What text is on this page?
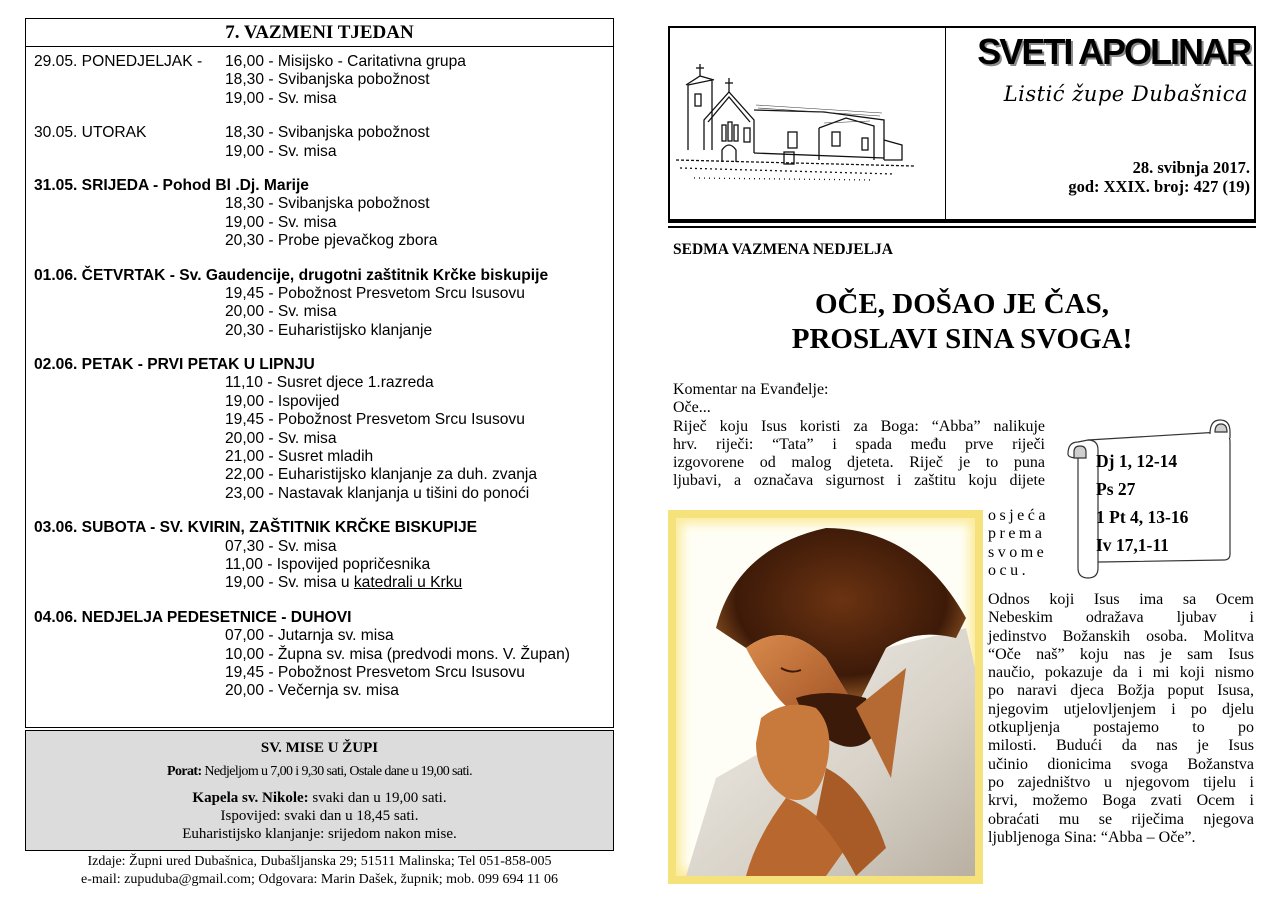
7. VAZMENI TJEDAN
29.05. PONEDJELJAK - 16,00 - Misijsko - Caritativna grupa
18,30 - Svibanjska pobožnost
19,00 - Sv. misa
30.05. UTORAK	18,30 - Svibanjska pobožnost
19,00 - Sv. misa
31.05. SRIJEDA - Pohod Bl .Dj. Marije
18,30 - Svibanjska pobožnost
19,00 - Sv. misa
20,30 - Probe pjevačkog zbora
01.06. ČETVRTAK - Sv. Gaudencije, drugotni zaštitnik Krčke biskupije
19,45 - Pobožnost Presvetom Srcu Isusovu
20,00 - Sv. misa
20,30 - Euharistijsko klanjanje
02.06. PETAK - PRVI PETAK U LIPNJU
11,10 - Susret djece 1.razreda
19,00 - Ispovijed
19,45 - Pobožnost Presvetom Srcu Isusovu
20,00 - Sv. misa
21,00 - Susret mladih
22,00 - Euharistijsko klanjanje za duh. zvanja
23,00 - Nastavak klanjanja u tišini do ponoći
03.06. SUBOTA - SV. KVIRIN, ZAŠTITNIK KRČKE BISKUPIJE
07,30 - Sv. misa
11,00 - Ispovijed popričesnika
19,00 - Sv. misa u katedrali u Krku
04.06. NEDJELJA PEDESETNICE - DUHOVI
07,00 - Jutarnja sv. misa
10,00 - Župna sv. misa (predvodi mons. V. Župan)
19,45 - Pobožnost Presvetom Srcu Isusovu
20,00 - Večernja sv. misa
SV. MISE U ŽUPI
Porat: Nedjeljom u 7,00 i 9,30 sati, Ostale dane u 19,00 sati.
Kapela sv. Nikole: svaki dan u 19,00 sati.
Ispovijed: svaki dan u 18,45 sati.
Euharistijsko klanjanje: srijedom nakon mise.
Izdaje: Župni ured Dubašnica, Dubašljanska 29; 51511 Malinska; Tel 051-858-005
e-mail: zupuduba@gmail.com; Odgovara: Marin Dašek, župnik; mob. 099 694 11 06
SVETI APOLINAR
Listić župe Dubašnica
28. svibnja 2017.
god: XXIX. broj: 427 (19)
SEDMA VAZMENA NEDJELJA
OČE, DOŠAO JE ČAS,
PROSLAVI SINA SVOGA!

Komentar na Evanđelje:

Oče...

Riječ koju Isus koristi za Boga: “Abba” nalikuje

hrv. riječi: “Tata” i spada među prve riječi

izgovorene od malog djeteta. Riječ je to puna

ljubavi, a označava sigurnost i zaštitu koju dijete

osjeća
prema
svome
ocu.
Odnos koji Isus ima sa Ocem
Nebeskim odražava ljubav i
jedinstvo Božanskih osoba. Molitva
“Oče naš” koju nas je sam Isus
naučio, pokazuje da i mi koji nismo
po naravi djeca Božja poput Isusa,
njegovim utjelovljenjem i po djelu
otkupljenja postajemo to po
milosti. Budući da nas je Isus
učinio dionicima svoga Božanstva
po zajedništvo u njegovom tijelu i
krvi, možemo Boga zvati Ocem i
obraćati mu se riječima njegova
ljubljenoga Sina: “Abba – Oče”.
Dj 1, 12-14
Ps 27
1 Pt 4, 13-16
Iv 17,1-11
